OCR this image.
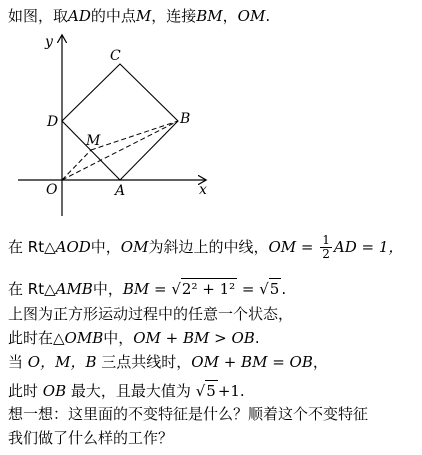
如图，取AD的中点M，连接BM，OM.
y
x
O	A
B
C
D
M
在 Rt△AOD中，OM为斜边上的中线，OM = $\frac{1}{2}$ AD = 1，
在 Rt△AMB中，BM = √2² + 1² = √5 .
上图为正方形运动过程中的任意一个状态，
此时在△OMB中，OM + BM > OB.
当 O，M，B 三点共线时，OM + BM = OB，
此时 OB 最大，且最大值为 √5 +1.
想一想：这里面的不变特征是什么？顺着这个不变特征
我们做了什么样的工作？
